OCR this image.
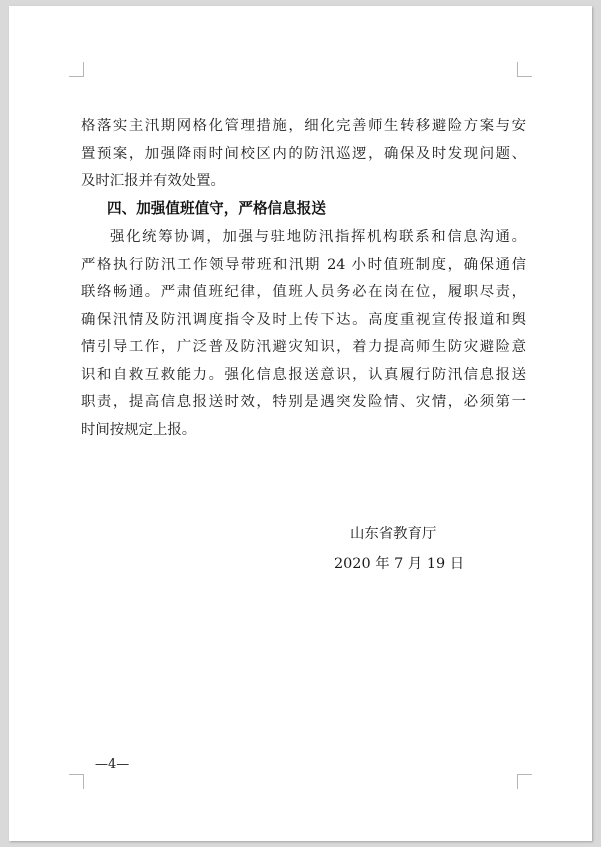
格落实主汛期网格化管理措施，细化完善师生转移避险方案与安
置预案，加强降雨时间校区内的防汛巡逻，确保及时发现问题、
及时汇报并有效处置。
四、加强值班值守，严格信息报送
强化统筹协调，加强与驻地防汛指挥机构联系和信息沟通。
严格执行防汛工作领导带班和汛期 24 小时值班制度，确保通信
联络畅通。严肃值班纪律，值班人员务必在岗在位，履职尽责，
确保汛情及防汛调度指令及时上传下达。高度重视宣传报道和舆
情引导工作，广泛普及防汛避灾知识，着力提高师生防灾避险意
识和自救互救能力。强化信息报送意识，认真履行防汛信息报送
职责，提高信息报送时效，特别是遇突发险情、灾情，必须第一
时间按规定上报。
山东省教育厅
2020 年 7 月 19 日
—4—
